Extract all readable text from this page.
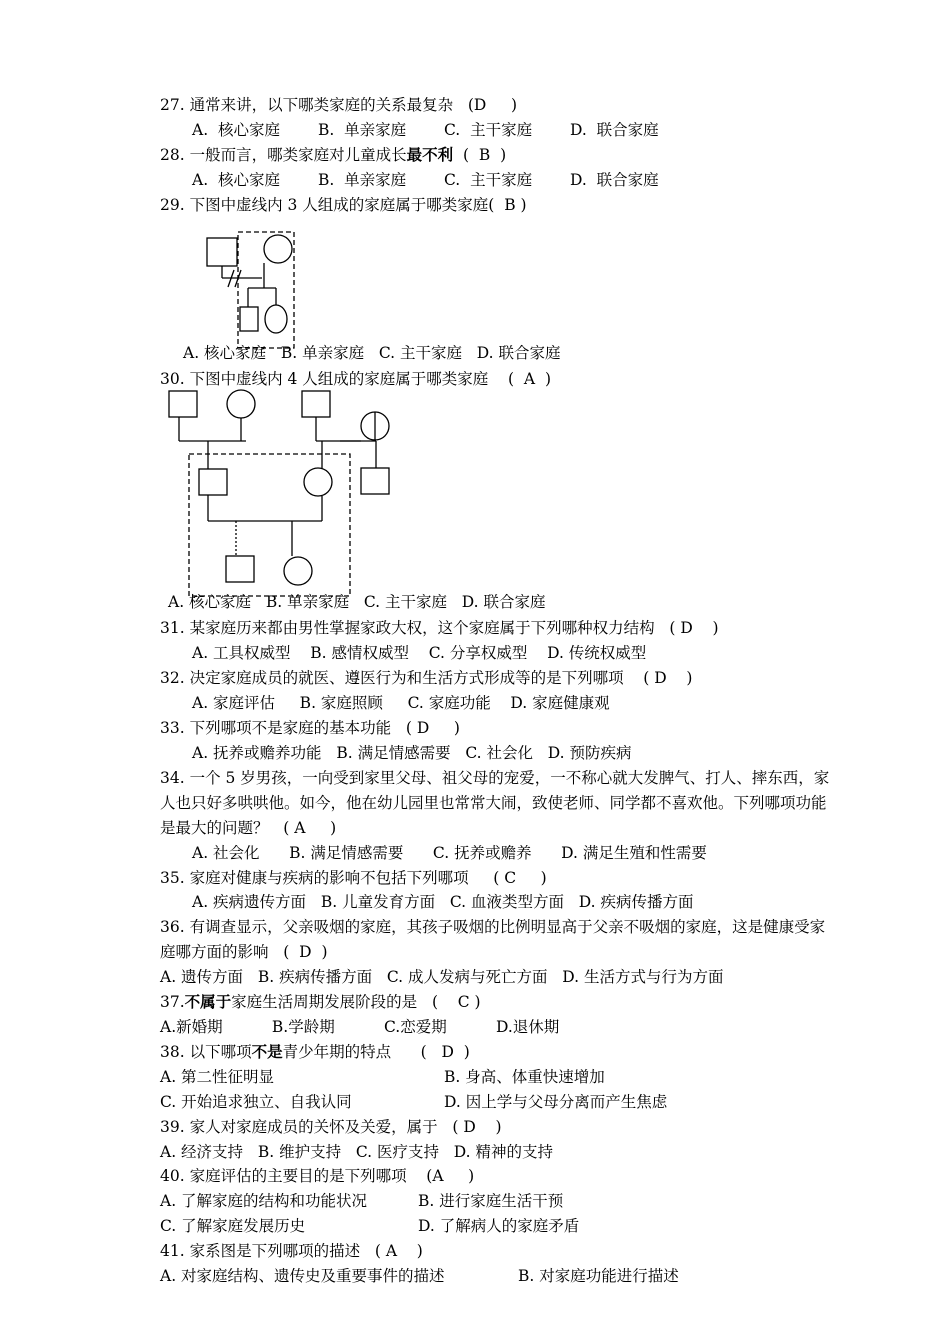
27. 通常来讲，以下哪类家庭的关系最复杂   (D     )
A.  核心家庭 B.  单亲家庭 C.  主干家庭 D.  联合家庭
28. 一般而言，哪类家庭对儿童成长最不利  (  B  )
A.  核心家庭 B.  单亲家庭 C.  主干家庭 D.  联合家庭
29. 下图中虚线内 3 人组成的家庭属于哪类家庭(  B )
A. 核心家庭   B. 单亲家庭   C. 主干家庭   D. 联合家庭
30. 下图中虚线内 4 人组成的家庭属于哪类家庭    (  A  )
A. 核心家庭   B. 单亲家庭   C. 主干家庭   D. 联合家庭
31. 某家庭历来都由男性掌握家政大权，这个家庭属于下列哪种权力结构   ( D    )
A. 工具权威型    B. 感情权威型    C. 分享权威型    D. 传统权威型
32. 决定家庭成员的就医、遵医行为和生活方式形成等的是下列哪项    ( D    )
A. 家庭评估     B. 家庭照顾     C. 家庭功能    D. 家庭健康观
33. 下列哪项不是家庭的基本功能   ( D     )
A. 抚养或赡养功能   B. 满足情感需要   C. 社会化   D. 预防疾病
34. 一个 5 岁男孩，一向受到家里父母、祖父母的宠爱，一不称心就大发脾气、打人、摔东西，家
人也只好多哄哄他。如今，他在幼儿园里也常常大闹，致使老师、同学都不喜欢他。下列哪项功能
是最大的问题？   ( A     )
A. 社会化      B. 满足情感需要      C. 抚养或赡养      D. 满足生殖和性需要
35. 家庭对健康与疾病的影响不包括下列哪项     ( C     )
A. 疾病遗传方面   B. 儿童发育方面   C. 血液类型方面   D. 疾病传播方面
36. 有调查显示，父亲吸烟的家庭，其孩子吸烟的比例明显高于父亲不吸烟的家庭，这是健康受家
庭哪方面的影响   (  D  )
A. 遗传方面   B. 疾病传播方面   C. 成人发病与死亡方面   D. 生活方式与行为方面
37.不属于家庭生活周期发展阶段的是   (    C )
A.新婚期          B.学龄期          C.恋爱期          D.退休期
38. 以下哪项不是青少年期的特点      (   D  )
A. 第二性征明显	B. 身高、体重快速增加
C. 开始追求独立、自我认同	D. 因上学与父母分离而产生焦虑
39. 家人对家庭成员的关怀及关爱，属于   ( D    )
A. 经济支持   B. 维护支持   C. 医疗支持   D. 精神的支持
40. 家庭评估的主要目的是下列哪项    (A     )
A. 了解家庭的结构和功能状况	B. 进行家庭生活干预
C. 了解家庭发展历史	D. 了解病人的家庭矛盾
41. 家系图是下列哪项的描述   ( A    )
A. 对家庭结构、遗传史及重要事件的描述	B. 对家庭功能进行描述
